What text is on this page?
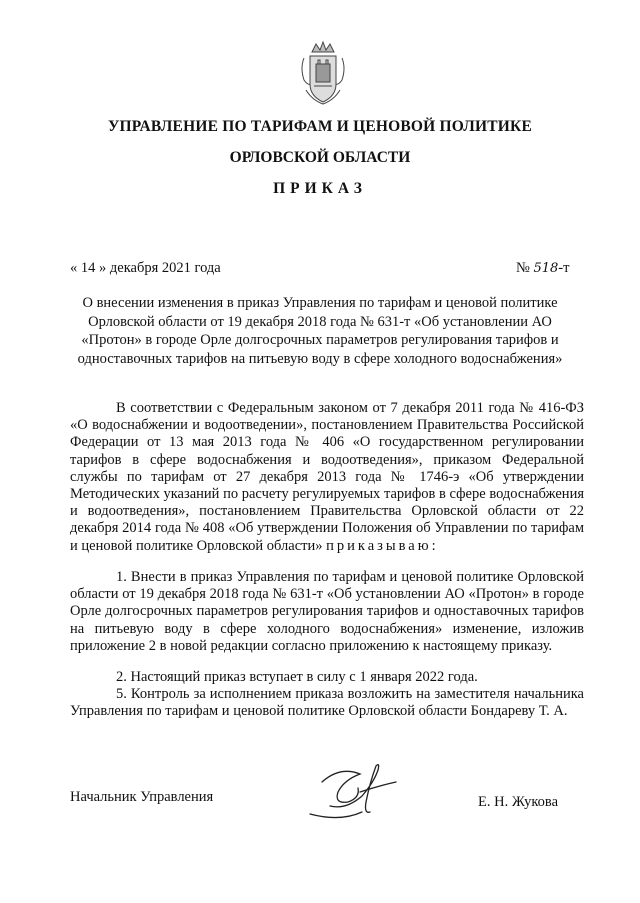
УПРАВЛЕНИЕ ПО ТАРИФАМ И ЦЕНОВОЙ ПОЛИТИКЕ
ОРЛОВСКОЙ ОБЛАСТИ
ПРИКАЗ
« 14 » декабря 2021 года	№ 518-т
О внесении изменения в приказ Управления по тарифам и ценовой политике Орловской области от 19 декабря 2018 года № 631-т «Об установлении АО «Протон» в городе Орле долгосрочных параметров регулирования тарифов и одноставочных тарифов на питьевую воду в сфере холодного водоснабжения»
В соответствии с Федеральным законом от 7 декабря 2011 года № 416-ФЗ «О водоснабжении и водоотведении», постановлением Правительства Российской Федерации от 13 мая 2013 года № 406 «О государственном регулировании тарифов в сфере водоснабжения и водоотведения», приказом Федеральной службы по тарифам от 27 декабря 2013 года № 1746-э «Об утверждении Методических указаний по расчету регулируемых тарифов в сфере водоснабжения и водоотведения», постановлением Правительства Орловской области от 22 декабря 2014 года № 408 «Об утверждении Положения об Управлении по тарифам и ценовой политике Орловской области» приказываю:
1. Внести в приказ Управления по тарифам и ценовой политике Орловской области от 19 декабря 2018 года № 631-т «Об установлении АО «Протон» в городе Орле долгосрочных параметров регулирования тарифов и одноставочных тарифов на питьевую воду в сфере холодного водоснабжения» изменение, изложив приложение 2 в новой редакции согласно приложению к настоящему приказу.
2. Настоящий приказ вступает в силу с 1 января 2022 года.
5. Контроль за исполнением приказа возложить на заместителя начальника Управления по тарифам и ценовой политике Орловской области Бондареву Т. А.
Начальник Управления	Е. Н. Жукова
